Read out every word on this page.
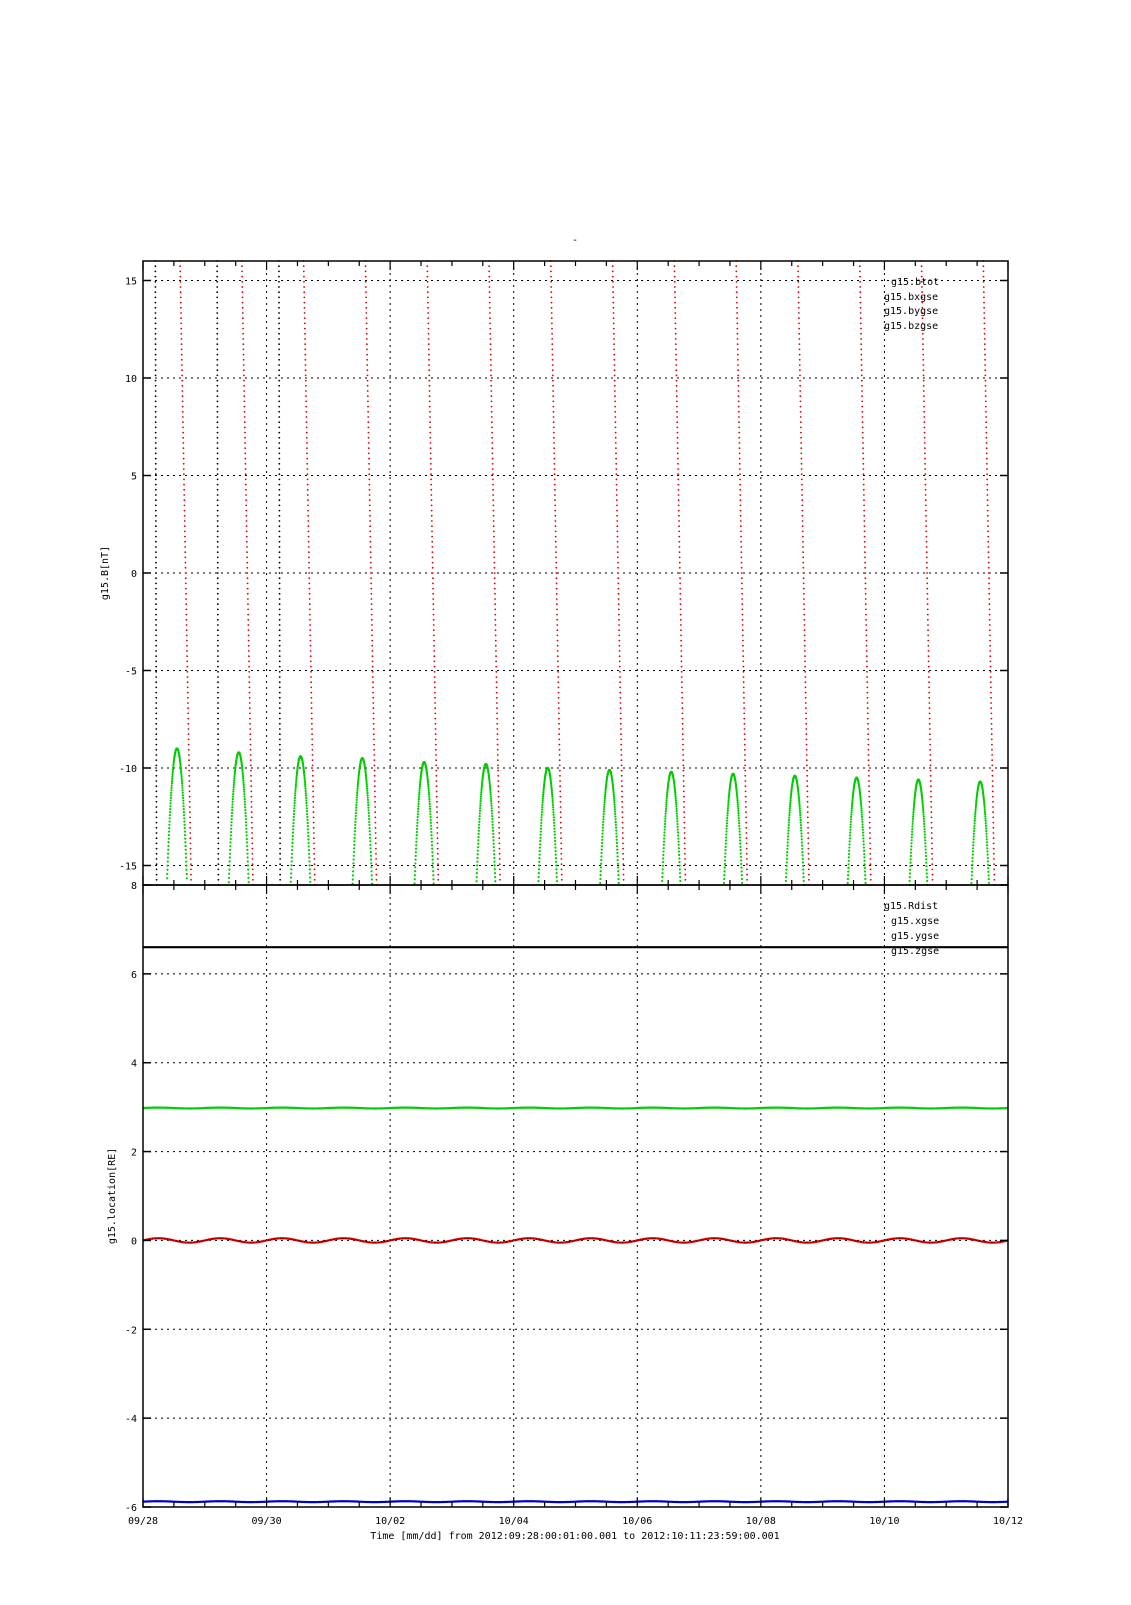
-
-15
-10
-5
0
5
10
15
g15.B[nT]
g15.btot
g15.bxgse
g15.bygse
g15.bzgse
-6
-4
-2
0
2
4
6
8
g15.location[RE]
g15.Rdist
g15.xgse
g15.ygse
g15.zgse
09/28	09/30	10/02	10/04	10/06	10/08	10/10	10/12
Time [mm/dd] from 2012:09:28:00:01:00.001 to 2012:10:11:23:59:00.001
